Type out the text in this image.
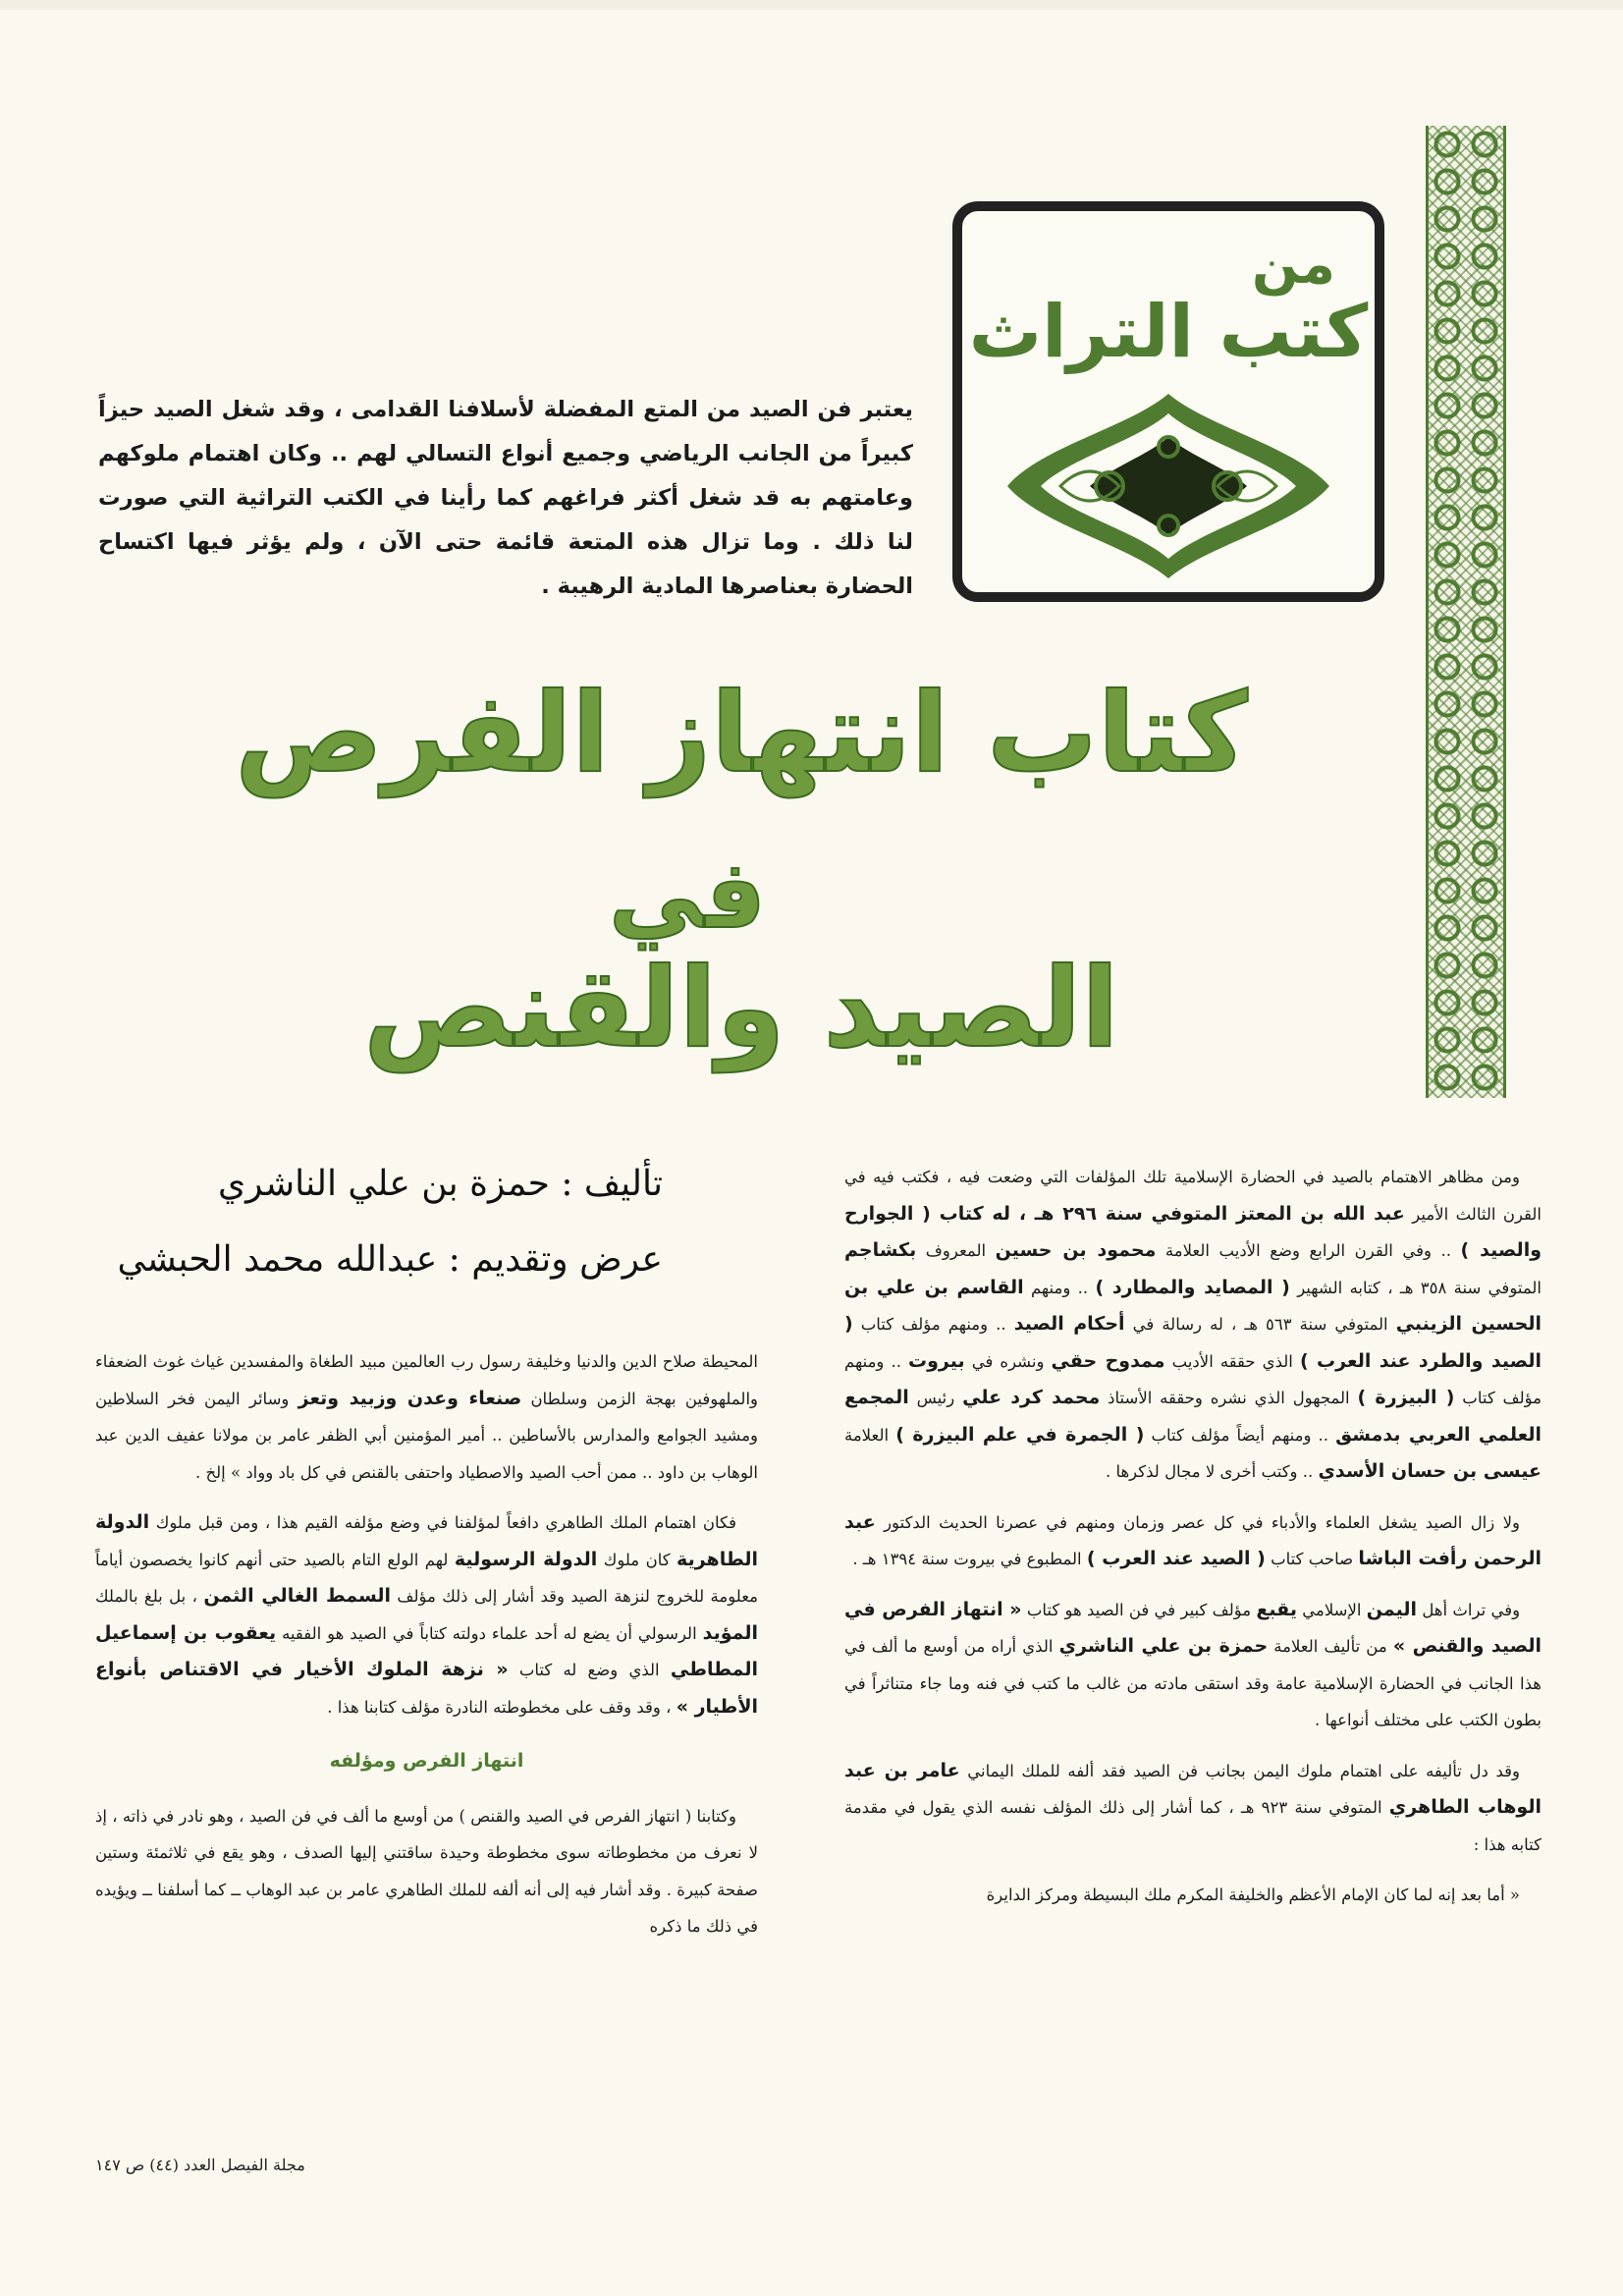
من
كتب التراث
يعتبر فن الصيد من المتع المفضلة لأسلافنا القدامى ، وقد شغل الصيد حيزاً كبيراً من الجانب الرياضي وجميع أنواع التسالي لهم .. وكان اهتمام ملوكهم وعامتهم به قد شغل أكثر فراغهم كما رأينا في الكتب التراثية التي صورت لنا ذلك . وما تزال هذه المتعة قائمة حتى الآن ، ولم يؤثر فيها اكتساح الحضارة بعناصرها المادية الرهيبة .
كتاب انتهاز الفرص
في
الصيد والقنص
تأليف : حمزة بن علي الناشري
عرض وتقديم : عبدالله محمد الحبشي

ومن مظاهر الاهتمام بالصيد في الحضارة الإسلامية تلك المؤلفات التي وضعت فيه ، فكتب فيه في القرن الثالث الأمير عبد الله بن المعتز المتوفي سنة ٢٩٦ هـ ، له كتاب ( الجوارح والصيد ) .. وفي القرن الرابع وضع الأديب العلامة محمود بن حسين المعروف بكشاجم المتوفي سنة ٣٥٨ هـ ، كتابه الشهير ( المصايد والمطارد ) .. ومنهم القاسم بن علي بن الحسين الزينبي المتوفي سنة ٥٦٣ هـ ، له رسالة في أحكام الصيد .. ومنهم مؤلف كتاب ( الصيد والطرد عند العرب ) الذي حققه الأديب ممدوح حقي ونشره في بيروت .. ومنهم مؤلف كتاب ( البيزرة ) المجهول الذي نشره وحققه الأستاذ محمد كرد علي رئيس المجمع العلمي العربي بدمشق .. ومنهم أيضاً مؤلف كتاب ( الجمرة في علم البيزرة ) العلامة عيسى بن حسان الأسدي .. وكتب أخرى لا مجال لذكرها .

ولا زال الصيد يشغل العلماء والأدباء في كل عصر وزمان ومنهم في عصرنا الحديث الدكتور عبد الرحمن رأفت الباشا صاحب كتاب ( الصيد عند العرب ) المطبوع في بيروت سنة ١٣٩٤ هـ .

وفي تراث أهل اليمن الإسلامي يقبع مؤلف كبير في فن الصيد هو كتاب « انتهاز الفرص في الصيد والقنص » من تأليف العلامة حمزة بن علي الناشري الذي أراه من أوسع ما ألف في هذا الجانب في الحضارة الإسلامية عامة وقد استقى مادته من غالب ما كتب في فنه وما جاء متناثراً في بطون الكتب على مختلف أنواعها .

وقد دل تأليفه على اهتمام ملوك اليمن بجانب فن الصيد فقد ألفه للملك اليماني عامر بن عبد الوهاب الطاهري المتوفي سنة ٩٢٣ هـ ، كما أشار إلى ذلك المؤلف نفسه الذي يقول في مقدمة كتابه هذا :

« أما بعد إنه لما كان الإمام الأعظم والخليفة المكرم ملك البسيطة ومركز الدايرة

المحيطة صلاح الدين والدنيا وخليفة رسول رب العالمين مبيد الطغاة والمفسدين غياث غوث الضعفاء والملهوفين بهجة الزمن وسلطان صنعاء وعدن وزبيد وتعز وسائر اليمن فخر السلاطين ومشيد الجوامع والمدارس بالأساطين .. أمير المؤمنين أبي الظفر عامر بن مولانا عفيف الدين عبد الوهاب بن داود .. ممن أحب الصيد والاصطياد واحتفى بالقنص في كل باد وواد » إلخ .

فكان اهتمام الملك الطاهري دافعاً لمؤلفنا في وضع مؤلفه القيم هذا ، ومن قبل ملوك الدولة الطاهرية كان ملوك الدولة الرسولية لهم الولع التام بالصيد حتى أنهم كانوا يخصصون أياماً معلومة للخروج لنزهة الصيد وقد أشار إلى ذلك مؤلف السمط الغالي الثمن ، بل بلغ بالملك المؤيد الرسولي أن يضع له أحد علماء دولته كتاباً في الصيد هو الفقيه يعقوب بن إسماعيل المطاطي الذي وضع له كتاب « نزهة الملوك الأخيار في الاقتناص بأنواع الأطيار » ، وقد وقف على مخطوطته النادرة مؤلف كتابنا هذا .

انتهاز الفرص ومؤلفه

وكتابنا ( انتهاز الفرص في الصيد والقنص ) من أوسع ما ألف في فن الصيد ، وهو نادر في ذاته ، إذ لا نعرف من مخطوطاته سوى مخطوطة وحيدة ساقتني إليها الصدف ، وهو يقع في ثلاثمئة وستين صفحة كبيرة . وقد أشار فيه إلى أنه ألفه للملك الطاهري عامر بن عبد الوهاب ــ كما أسلفنا ــ ويؤيده في ذلك ما ذكره

مجلة الفيصل العدد (٤٤) ص ١٤٧
